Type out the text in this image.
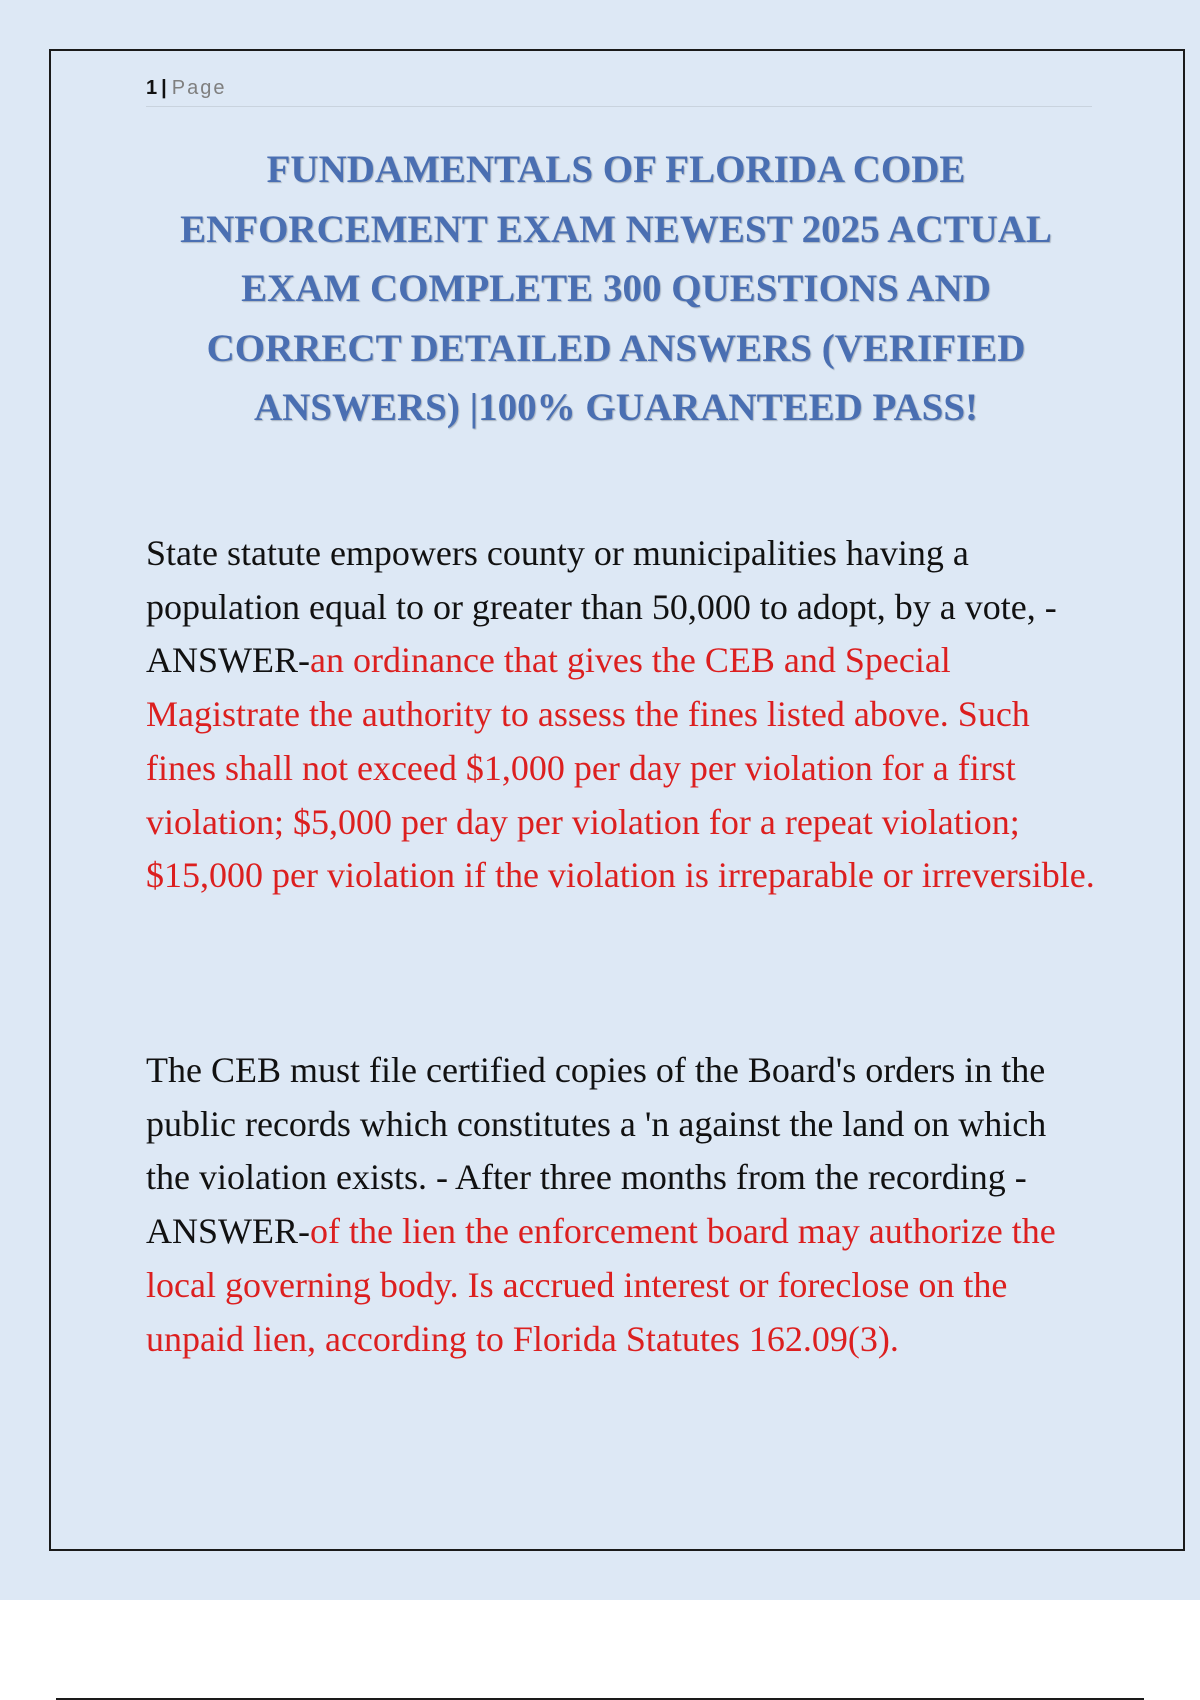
1 | Page
FUNDAMENTALS OF FLORIDA CODE
ENFORCEMENT EXAM NEWEST 2025 ACTUAL
EXAM COMPLETE 300 QUESTIONS AND
CORRECT DETAILED ANSWERS (VERIFIED
ANSWERS) |100% GUARANTEED PASS!

State statute empowers county or municipalities having a population equal to or greater than 50,000 to adopt, by a vote, - ANSWER-an ordinance that gives the CEB and Special Magistrate the authority to assess the fines listed above. Such fines shall not exceed $1,000 per day per violation for a first violation; $5,000 per day per violation for a repeat violation; $15,000 per violation if the violation is irreparable or irreversible.

The CEB must file certified copies of the Board's orders in the public records which constitutes a 'n against the land on which the violation exists. - After three months from the recording - ANSWER-of the lien the enforcement board may authorize the local governing body. Is accrued interest or foreclose on the unpaid lien, according to Florida Statutes 162.09(3).
